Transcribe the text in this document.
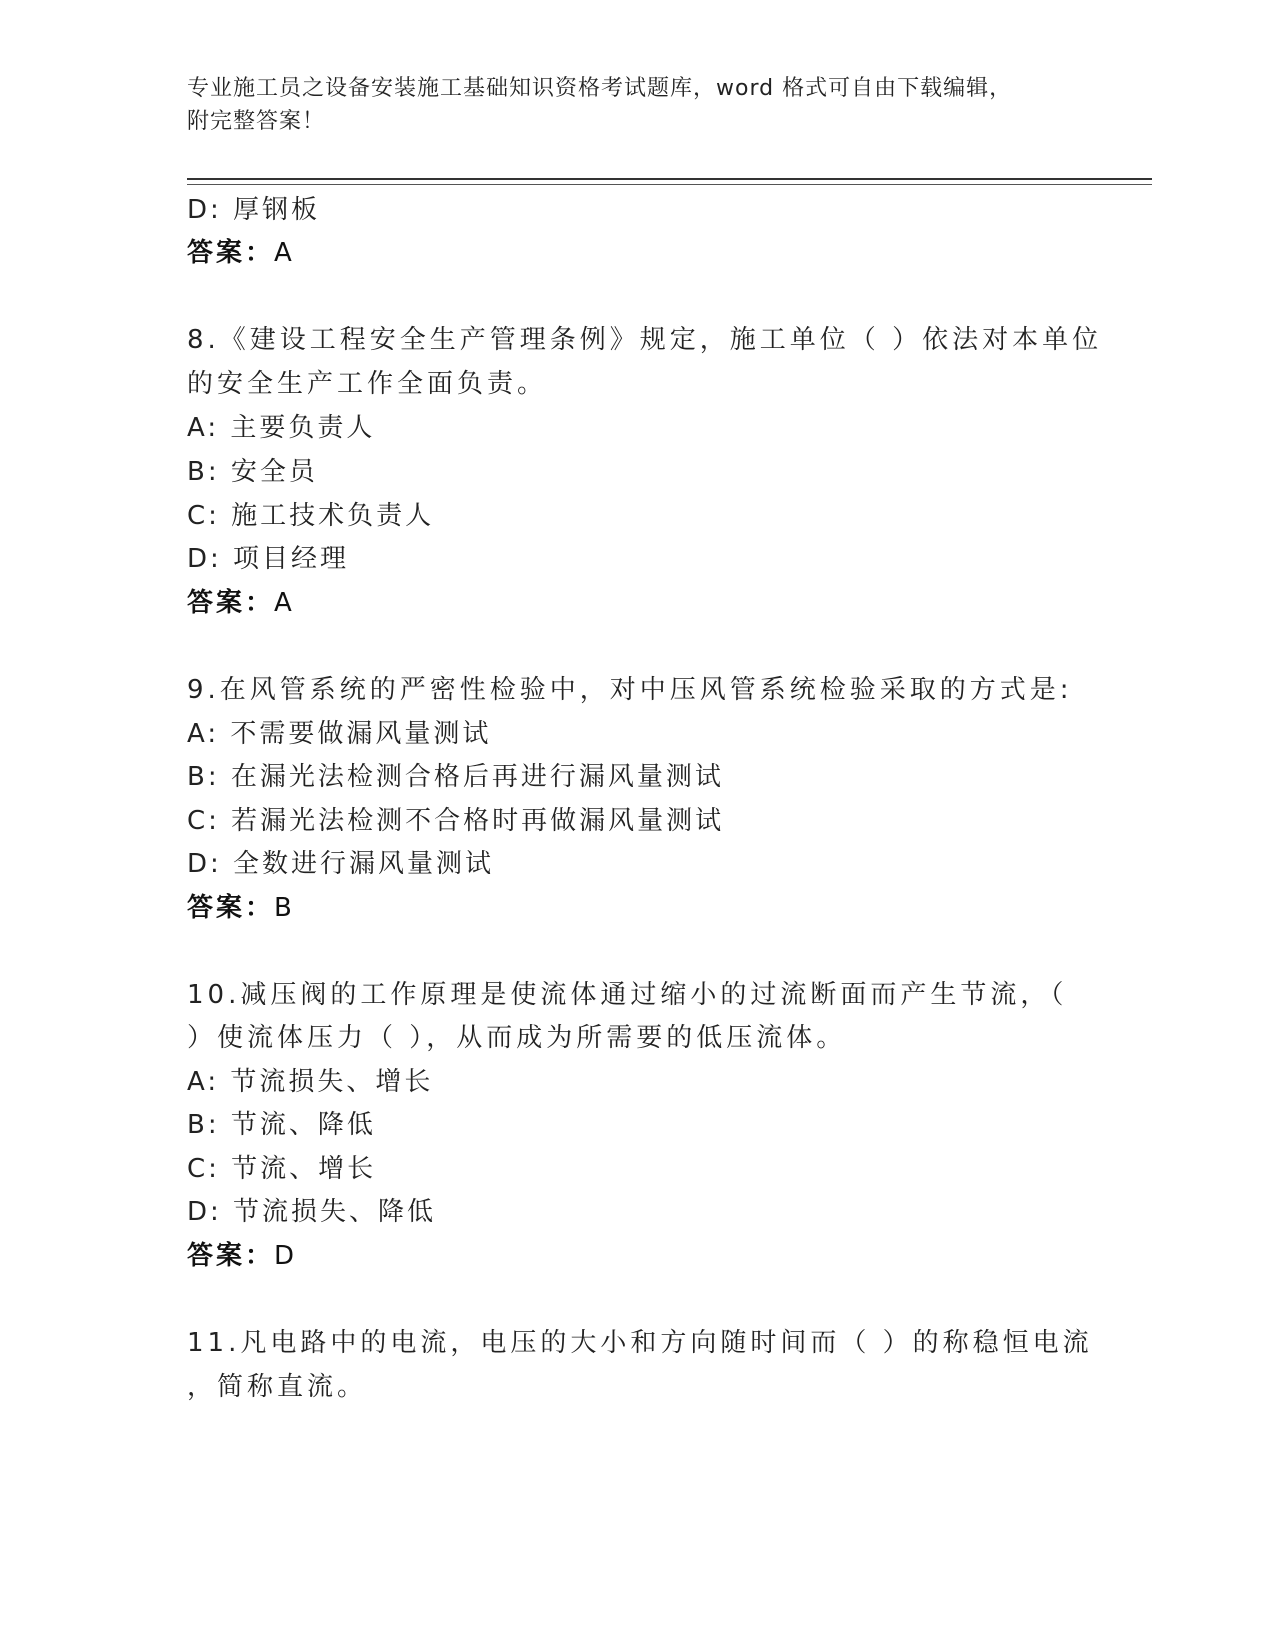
专业施工员之设备安装施工基础知识资格考试题库，word 格式可自由下载编辑，
附完整答案！
D: 厚钢板
答案：A
8.《建设工程安全生产管理条例》规定，施工单位（ ）依法对本单位
的安全生产工作全面负责。
A: 主要负责人
B: 安全员
C: 施工技术负责人
D: 项目经理
答案：A
9.在风管系统的严密性检验中，对中压风管系统检验采取的方式是:
A: 不需要做漏风量测试
B: 在漏光法检测合格后再进行漏风量测试
C: 若漏光法检测不合格时再做漏风量测试
D: 全数进行漏风量测试
答案：B
10.减压阀的工作原理是使流体通过缩小的过流断面而产生节流，（
）使流体压力（ ），从而成为所需要的低压流体。
A: 节流损失、增长
B: 节流、降低
C: 节流、增长
D: 节流损失、降低
答案：D
11.凡电路中的电流，电压的大小和方向随时间而（ ）的称稳恒电流
，简称直流。
